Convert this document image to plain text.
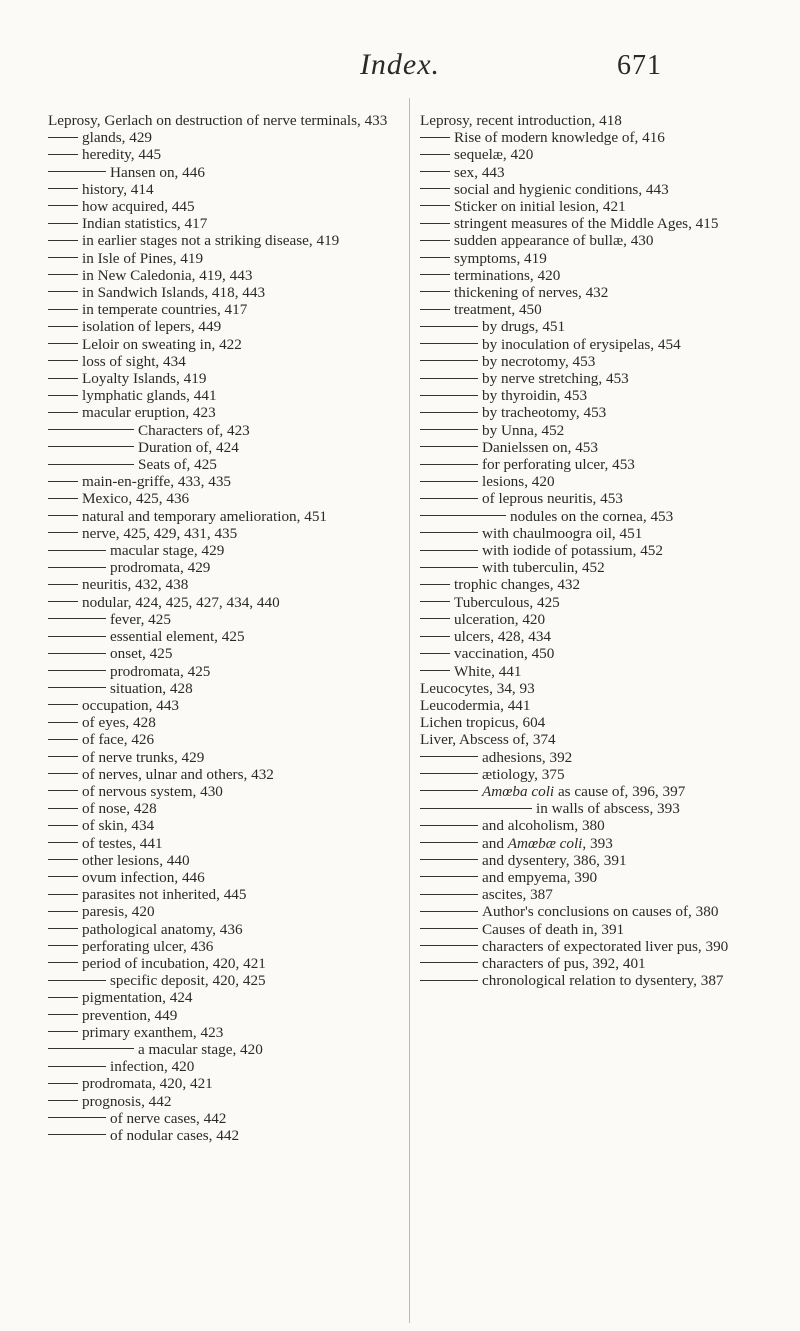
Index.	671

Leprosy, Gerlach on destruction of nerve terminals, 433

glands, 429

heredity, 445

Hansen on, 446

history, 414

how acquired, 445

Indian statistics, 417

in earlier stages not a striking disease, 419

in Isle of Pines, 419

in New Caledonia, 419, 443

in Sandwich Islands, 418, 443

in temperate countries, 417

isolation of lepers, 449

Leloir on sweating in, 422

loss of sight, 434

Loyalty Islands, 419

lymphatic glands, 441

macular eruption, 423

Characters of, 423

Duration of, 424

Seats of, 425

main-en-griffe, 433, 435

Mexico, 425, 436

natural and temporary amelioration, 451

nerve, 425, 429, 431, 435

macular stage, 429

prodromata, 429

neuritis, 432, 438

nodular, 424, 425, 427, 434, 440

fever, 425

essential element, 425

onset, 425

prodromata, 425

situation, 428

occupation, 443

of eyes, 428

of face, 426

of nerve trunks, 429

of nerves, ulnar and others, 432

of nervous system, 430

of nose, 428

of skin, 434

of testes, 441

other lesions, 440

ovum infection, 446

parasites not inherited, 445

paresis, 420

pathological anatomy, 436

perforating ulcer, 436

period of incubation, 420, 421

specific deposit, 420, 425

pigmentation, 424

prevention, 449

primary exanthem, 423

a macular stage, 420

infection, 420

prodromata, 420, 421

prognosis, 442

of nerve cases, 442

of nodular cases, 442

Leprosy, recent introduction, 418

Rise of modern knowledge of, 416

sequelæ, 420

sex, 443

social and hygienic conditions, 443

Sticker on initial lesion, 421

stringent measures of the Middle Ages, 415

sudden appearance of bullæ, 430

symptoms, 419

terminations, 420

thickening of nerves, 432

treatment, 450

by drugs, 451

by inoculation of erysipelas, 454

by necrotomy, 453

by nerve stretching, 453

by thyroidin, 453

by tracheotomy, 453

by Unna, 452

Danielssen on, 453

for perforating ulcer, 453

lesions, 420

of leprous neuritis, 453

nodules on the cornea, 453

with chaulmoogra oil, 451

with iodide of potassium, 452

with tuberculin, 452

trophic changes, 432

Tuberculous, 425

ulceration, 420

ulcers, 428, 434

vaccination, 450

White, 441

Leucocytes, 34, 93

Leucodermia, 441

Lichen tropicus, 604

Liver, Abscess of, 374

adhesions, 392

ætiology, 375

Amœba coli as cause of, 396, 397

in walls of abscess, 393

and alcoholism, 380

and Amœbæ coli, 393

and dysentery, 386, 391

and empyema, 390

ascites, 387

Author's conclusions on causes of, 380

Causes of death in, 391

characters of expectorated liver pus, 390

characters of pus, 392, 401

chronological relation to dysentery, 387
